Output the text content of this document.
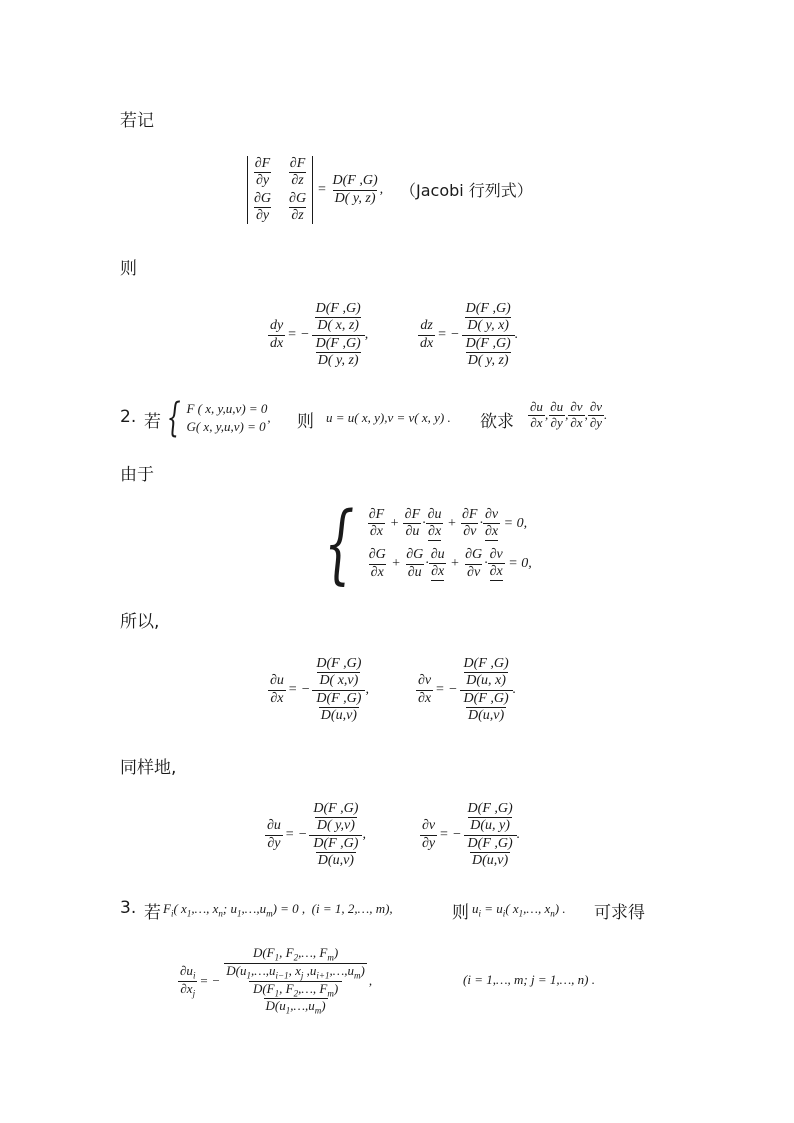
若记
$\frac{\partial F}{\partial y} \frac{\partial F}{\partial z}$
$\frac{\partial G}{\partial y} \frac{\partial G}{\partial z}$
= $\frac{D(F ,G)}{D( y, z)}$ , （Jacobi 行列式）
则
$\frac{dy}{dx}$ = − $\frac{\frac{D(F ,G)}{D( x, z)}}{\frac{D(F ,G)}{D( y, z)}}$ ,	$\frac{dz}{dx}$ = − $\frac{\frac{D(F ,G)}{D( y, x)}}{\frac{D(F ,G)}{D( y, z)}}$ .
2. 若 { F ( x, y,u,v) = 0
G( x, y,u,v) = 0
, 则 u = u( x, y),v = v( x, y) . 欲求 $\frac{\partial u}{\partial x}$ , $\frac{\partial u}{\partial y}$ , $\frac{\partial v}{\partial x}$ , $\frac{\partial v}{\partial y}$ .
由于
{ $\frac{\partial F}{\partial x} + \frac{\partial F}{\partial u} \cdot \frac{\partial u}{\partial x} + \frac{\partial F}{\partial v} \cdot \frac{\partial v}{\partial x} = 0$,
$\frac{\partial G}{\partial x} + \frac{\partial G}{\partial u} \cdot \frac{\partial u}{\partial x} + \frac{\partial G}{\partial v} \cdot \frac{\partial v}{\partial x} = 0$,
所以,
$\frac{\partial u}{\partial x}$ = − $\frac{\frac{D(F ,G)}{D( x,v)}}{\frac{D(F ,G)}{D(u,v)}}$ ,	$\frac{\partial v}{\partial x}$ = − $\frac{\frac{D(F ,G)}{D(u, x)}}{\frac{D(F ,G)}{D(u,v)}}$ .
同样地,
$\frac{\partial u}{\partial y}$ = − $\frac{\frac{D(F ,G)}{D( y,v)}}{\frac{D(F ,G)}{D(u,v)}}$ ,	$\frac{\partial v}{\partial y}$ = − $\frac{\frac{D(F ,G)}{D(u, y)}}{\frac{D(F ,G)}{D(u,v)}}$ .
3. 若 $F_i$( $x_1,\dots$, $x_n$; $u_1,\dots,u_m) = 0$ ,  (i = 1, 2,…, m),	则 $u_i = u_i$( $x_1,\dots$, $x_n$) . 可求得
$\frac{\partial u_i}{\partial x_j}$ = − $\frac{\frac{D(F_1, F_2,\dots, F_m)}{D(u_1,\dots,u_{i-1}, x_j ,u_{i+1},\dots,u_m)}}{\frac{D(F_1, F_2,\dots, F_m)}{D(u_1,\dots,u_m)}}$ ,	(i = 1,…, m; j = 1,…, n) .
